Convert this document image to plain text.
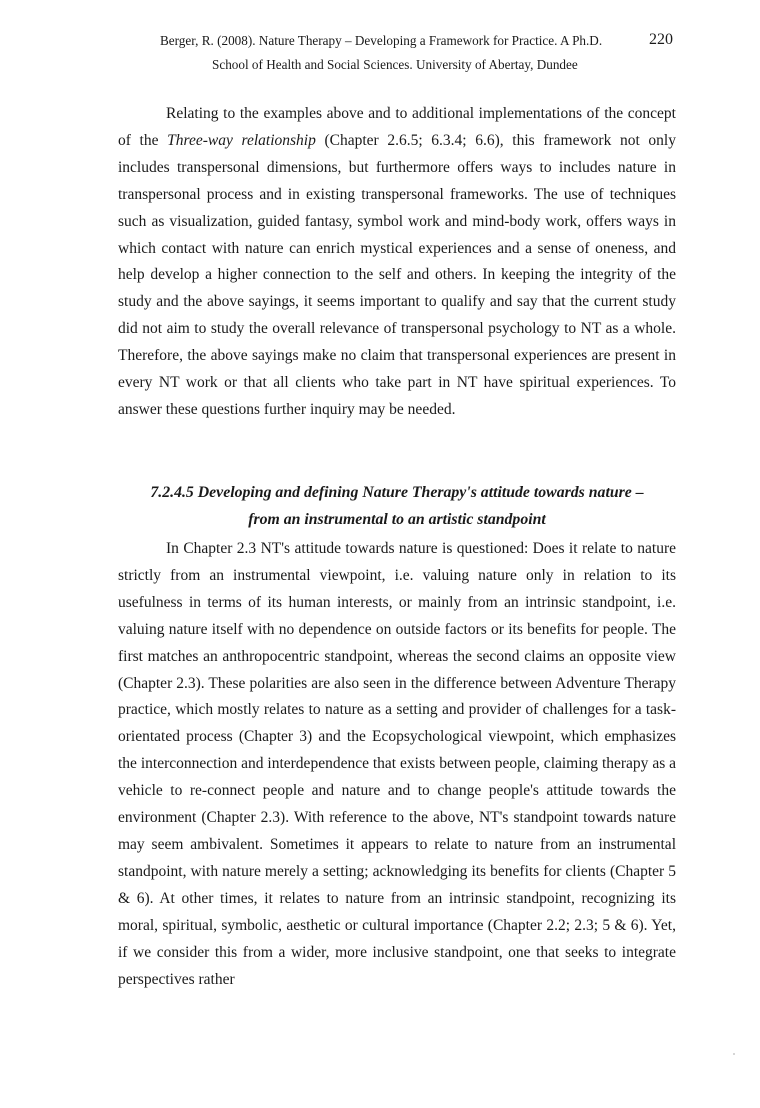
Berger, R. (2008). Nature Therapy – Developing a Framework for Practice. A Ph.D.	220
School of Health and Social Sciences. University of Abertay, Dundee

Relating to the examples above and to additional implementations of the concept of the Three-way relationship (Chapter 2.6.5; 6.3.4; 6.6), this framework not only includes transpersonal dimensions, but furthermore offers ways to includes nature in transpersonal process and in existing transpersonal frameworks. The use of techniques such as visualization, guided fantasy, symbol work and mind-body work, offers ways in which contact with nature can enrich mystical experiences and a sense of oneness, and help develop a higher connection to the self and others. In keeping the integrity of the study and the above sayings, it seems important to qualify and say that the current study did not aim to study the overall relevance of transpersonal psychology to NT as a whole. Therefore, the above sayings make no claim that transpersonal experiences are present in every NT work or that all clients who take part in NT have spiritual experiences. To answer these questions further inquiry may be needed.

7.2.4.5 Developing and defining Nature Therapy's attitude towards nature –
from an instrumental to an artistic standpoint

In Chapter 2.3 NT's attitude towards nature is questioned: Does it relate to nature strictly from an instrumental viewpoint, i.e. valuing nature only in relation to its usefulness in terms of its human interests, or mainly from an intrinsic standpoint, i.e. valuing nature itself with no dependence on outside factors or its benefits for people. The first matches an anthropocentric standpoint, whereas the second claims an opposite view (Chapter 2.3). These polarities are also seen in the difference between Adventure Therapy practice, which mostly relates to nature as a setting and provider of challenges for a task-orientated process (Chapter 3) and the Ecopsychological viewpoint, which emphasizes the interconnection and interdependence that exists between people, claiming therapy as a vehicle to re-connect people and nature and to change people's attitude towards the environment (Chapter 2.3). With reference to the above, NT's standpoint towards nature may seem ambivalent. Sometimes it appears to relate to nature from an instrumental standpoint, with nature merely a setting; acknowledging its benefits for clients (Chapter 5 & 6). At other times, it relates to nature from an intrinsic standpoint, recognizing its moral, spiritual, symbolic, aesthetic or cultural importance (Chapter 2.2; 2.3; 5 & 6). Yet, if we consider this from a wider, more inclusive standpoint, one that seeks to integrate perspectives rather
